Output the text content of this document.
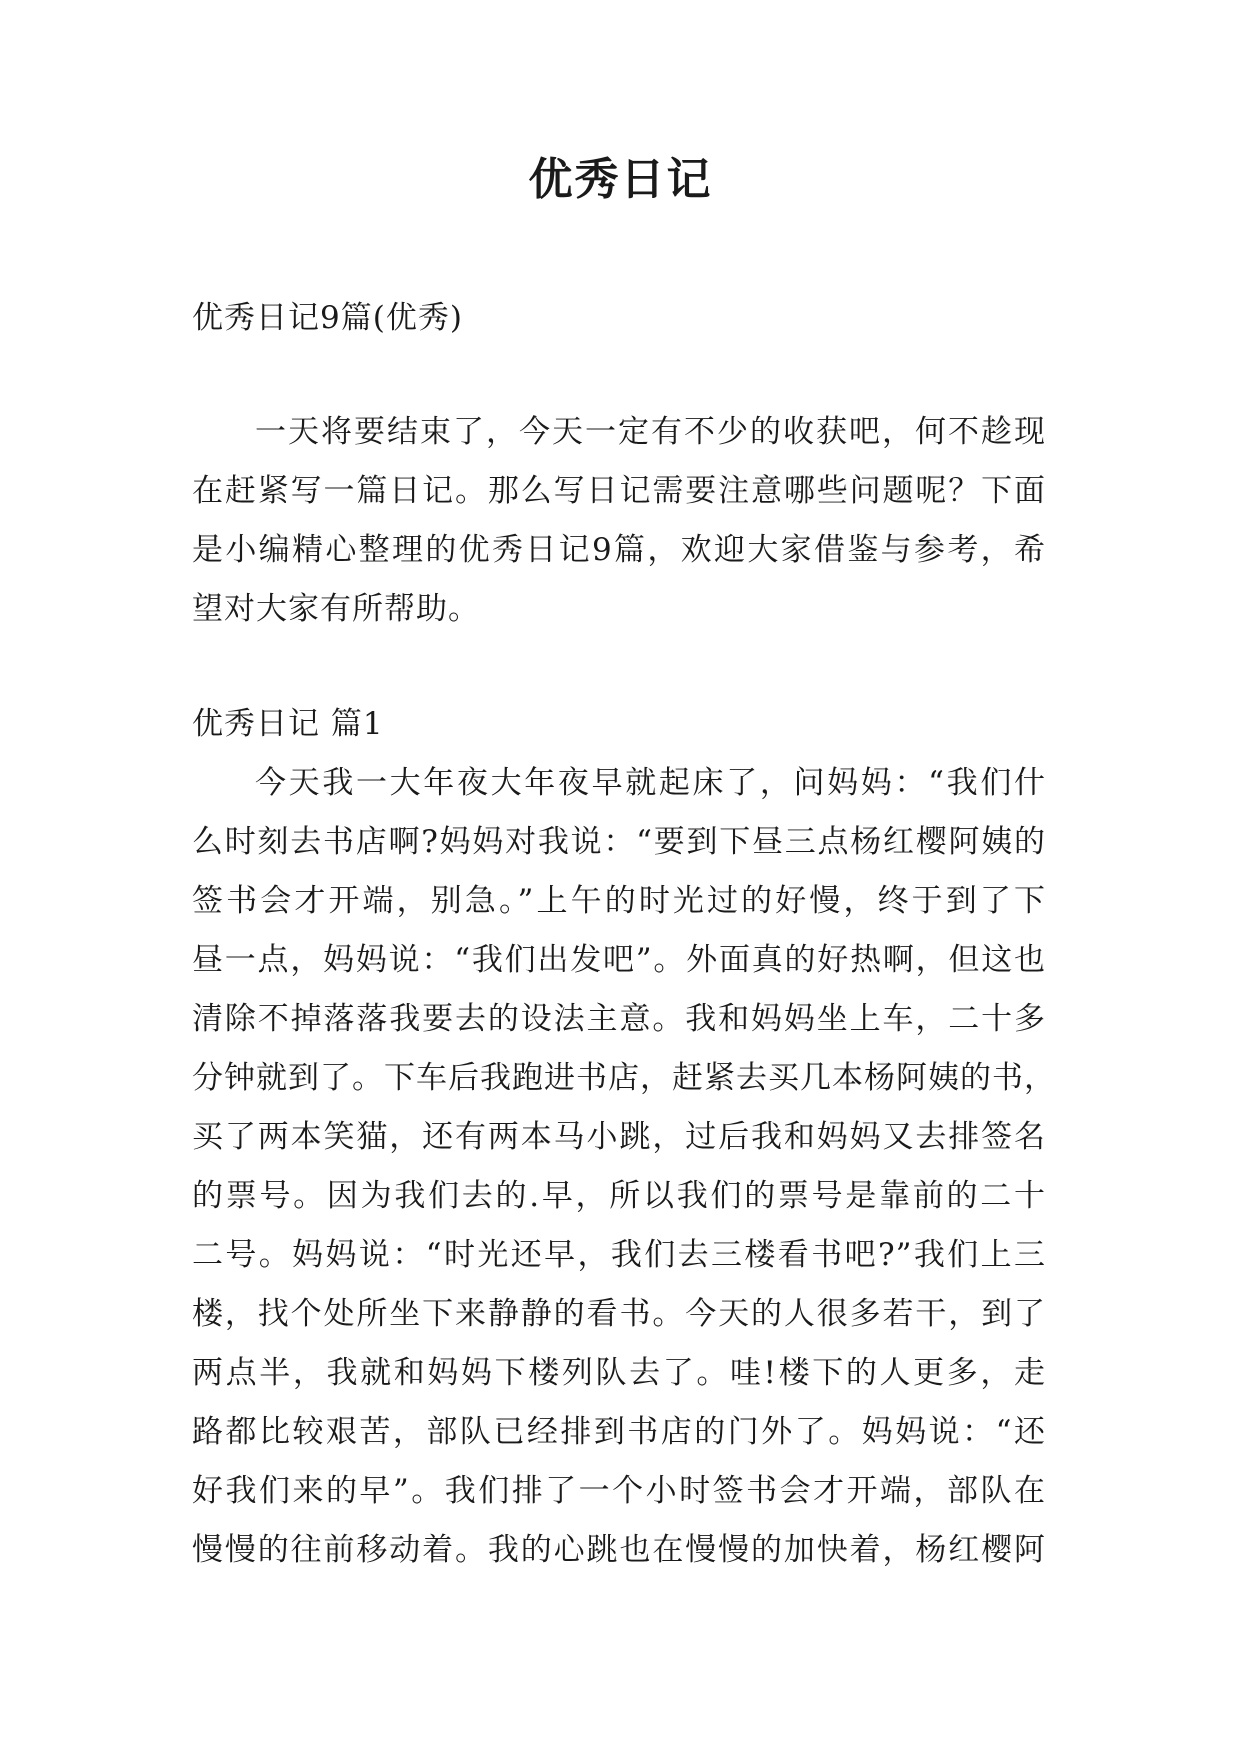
优秀日记
优秀日记9篇(优秀)
一天将要结束了，今天一定有不少的收获吧，何不趁现
在赶紧写一篇日记。那么写日记需要注意哪些问题呢？下面
是小编精心整理的优秀日记9篇，欢迎大家借鉴与参考，希
望对大家有所帮助。
优秀日记 篇1
今天我一大年夜大年夜早就起床了，问妈妈：“我们什
么时刻去书店啊?妈妈对我说：“要到下昼三点杨红樱阿姨的
签书会才开端，别急。”上午的时光过的好慢，终于到了下
昼一点，妈妈说：“我们出发吧”。外面真的好热啊，但这也
清除不掉落落我要去的设法主意。我和妈妈坐上车，二十多
分钟就到了。下车后我跑进书店，赶紧去买几本杨阿姨的书，
买了两本笑猫，还有两本马小跳，过后我和妈妈又去排签名
的票号。因为我们去的.早，所以我们的票号是靠前的二十
二号。妈妈说：“时光还早，我们去三楼看书吧?”我们上三
楼，找个处所坐下来静静的看书。今天的人很多若干，到了
两点半，我就和妈妈下楼列队去了。哇!楼下的人更多，走
路都比较艰苦，部队已经排到书店的门外了。妈妈说：“还
好我们来的早”。我们排了一个小时签书会才开端，部队在
慢慢的往前移动着。我的心跳也在慢慢的加快着，杨红樱阿
